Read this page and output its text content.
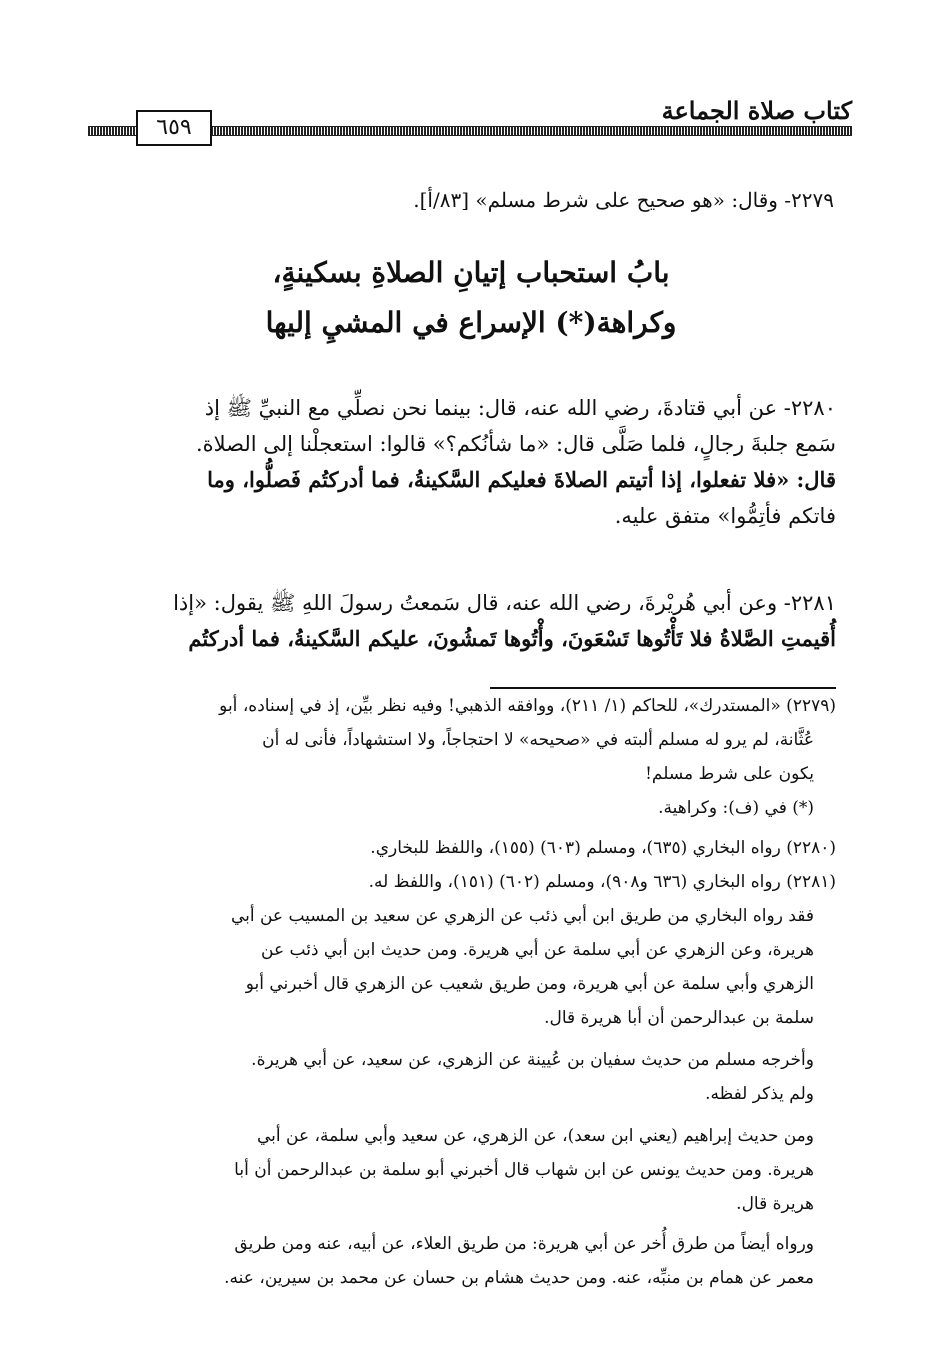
كتاب صلاة الجماعة
٦٥٩
٢٢٧٩- وقال: «هو صحيح على شرط مسلم» [٨٣/أ].
بابُ استحباب إتيانِ الصلاةِ بسكينةٍ،
وكراهة(*) الإسراع في المشيِ إليها
٢٢٨٠- عن أبي قتادةَ، رضي الله عنه، قال: بينما نحن نصلِّي مع النبيِّ ﷺ إذ
سَمع جلبةَ رجالٍ، فلما صَلَّى قال: «ما شأنُكم؟» قالوا: استعجلْنا إلى الصلاة.
قال: «فلا تفعلوا، إذا أتيتم الصلاةَ فعليكم السَّكينةُ، فما أدركتُم فَصلُّوا، وما
فاتكم فأتِمُّوا» متفق عليه.
٢٢٨١- وعن أبي هُريْرةَ، رضي الله عنه، قال سَمعتُ رسولَ اللهِ ﷺ يقول: «إذا
أُقيمتِ الصَّلاةُ فلا تَأْتُوها تَسْعَونَ، وأْتُوها تَمشُونَ، عليكم السَّكينةُ، فما أدركتُم
(٢٢٧٩) «المستدرك»، للحاكم (١/ ٢١١)، ووافقه الذهبي! وفيه نظر بيِّن، إذ في إسناده، أبو
عُثَّانة، لم يرو له مسلم ألبته في «صحيحه» لا احتجاجاً، ولا استشهاداً، فأنى له أن
يكون على شرط مسلم!
(*) في (ف): وكراهية.
(٢٢٨٠) رواه البخاري (٦٣٥)، ومسلم (٦٠٣) (١٥٥)، واللفظ للبخاري.
(٢٢٨١) رواه البخاري (٦٣٦ و٩٠٨)، ومسلم (٦٠٢) (١٥١)، واللفظ له.
فقد رواه البخاري من طريق ابن أبي ذئب عن الزهري عن سعيد بن المسيب عن أبي
هريرة، وعن الزهري عن أبي سلمة عن أبي هريرة. ومن حديث ابن أبي ذئب عن
الزهري وأبي سلمة عن أبي هريرة، ومن طريق شعيب عن الزهري قال أخبرني أبو
سلمة بن عبدالرحمن أن أبا هريرة قال.
وأخرجه مسلم من حديث سفيان بن عُيينة عن الزهري، عن سعيد، عن أبي هريرة.
ولم يذكر لفظه.
ومن حديث إبراهيم (يعني ابن سعد)، عن الزهري، عن سعيد وأبي سلمة، عن أبي
هريرة. ومن حديث يونس عن ابن شهاب قال أخبرني أبو سلمة بن عبدالرحمن أن أبا
هريرة قال.
ورواه أيضاً من طرق أُخر عن أبي هريرة: من طريق العلاء، عن أبيه، عنه ومن طريق
معمر عن همام بن منبِّه، عنه. ومن حديث هشام بن حسان عن محمد بن سيرين، عنه.
